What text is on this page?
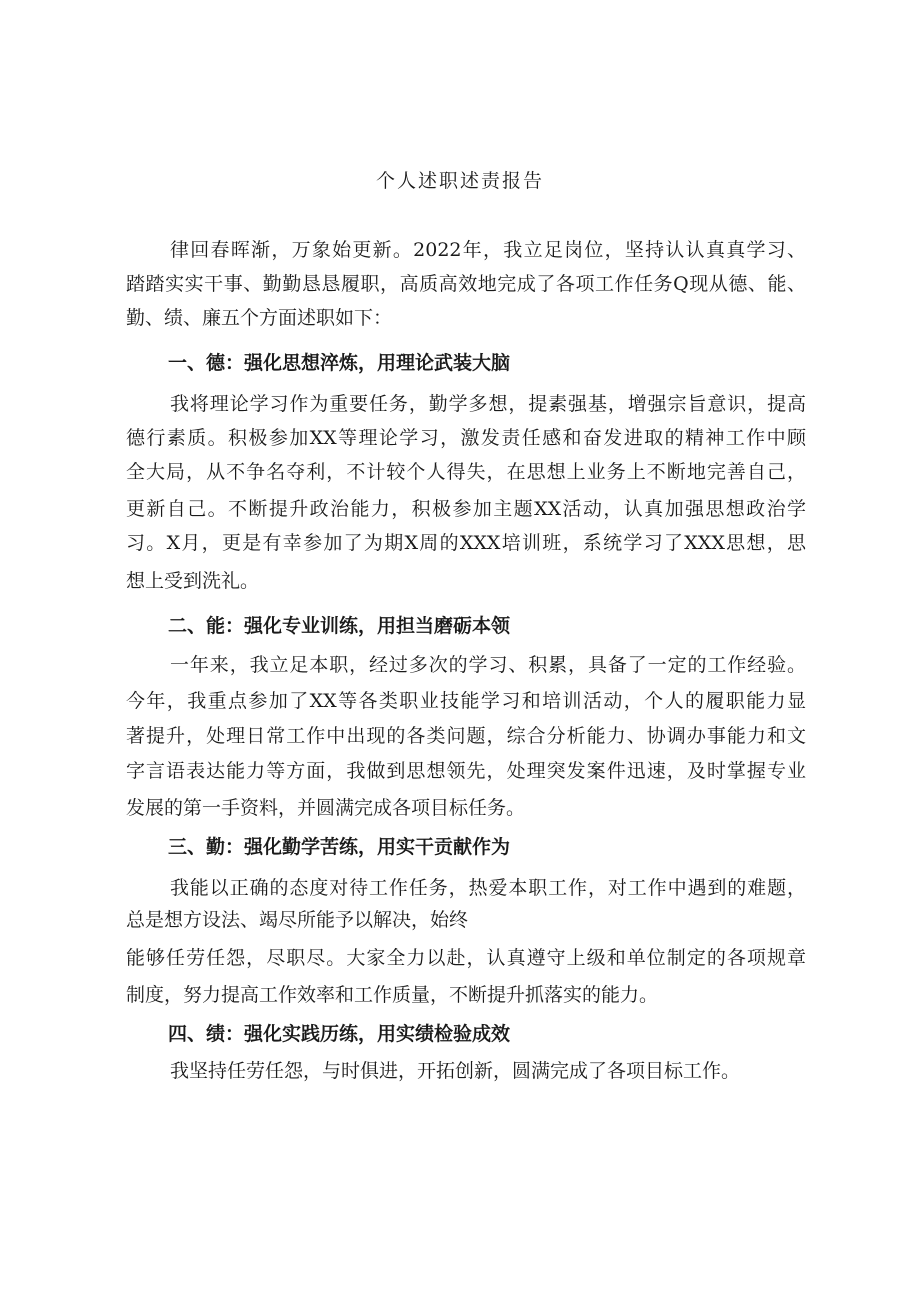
个人述职述责报告
律回春晖渐，万象始更新。2022年，我立足岗位，坚持认认真真学习、
踏踏实实干事、勤勤恳恳履职，高质高效地完成了各项工作任务Q现从德、能、
勤、绩、廉五个方面述职如下：
一、德：强化思想淬炼，用理论武装大脑
我将理论学习作为重要任务，勤学多想，提素强基，增强宗旨意识，提高
德行素质。积极参加XX等理论学习，激发责任感和奋发进取的精神工作中顾
全大局，从不争名夺利，不计较个人得失，在思想上业务上不断地完善自己，
更新自己。不断提升政治能力，积极参加主题XX活动，认真加强思想政治学
习。X月，更是有幸参加了为期X周的XXX培训班，系统学习了XXX思想，思
想上受到洗礼。
二、能：强化专业训练，用担当磨砺本领
一年来，我立足本职，经过多次的学习、积累，具备了一定的工作经验。
今年，我重点参加了XX等各类职业技能学习和培训活动，个人的履职能力显
著提升，处理日常工作中出现的各类问题，综合分析能力、协调办事能力和文
字言语表达能力等方面，我做到思想领先，处理突发案件迅速，及时掌握专业
发展的第一手资料，并圆满完成各项目标任务。
三、勤：强化勤学苦练，用实干贡献作为
我能以正确的态度对待工作任务，热爱本职工作，对工作中遇到的难题，
总是想方设法、竭尽所能予以解决，始终
能够任劳任怨，尽职尽。大家全力以赴，认真遵守上级和单位制定的各项规章
制度，努力提高工作效率和工作质量，不断提升抓落实的能力。
四、绩：强化实践历练，用实绩检验成效
我坚持任劳任怨，与时俱进，开拓创新，圆满完成了各项目标工作。
